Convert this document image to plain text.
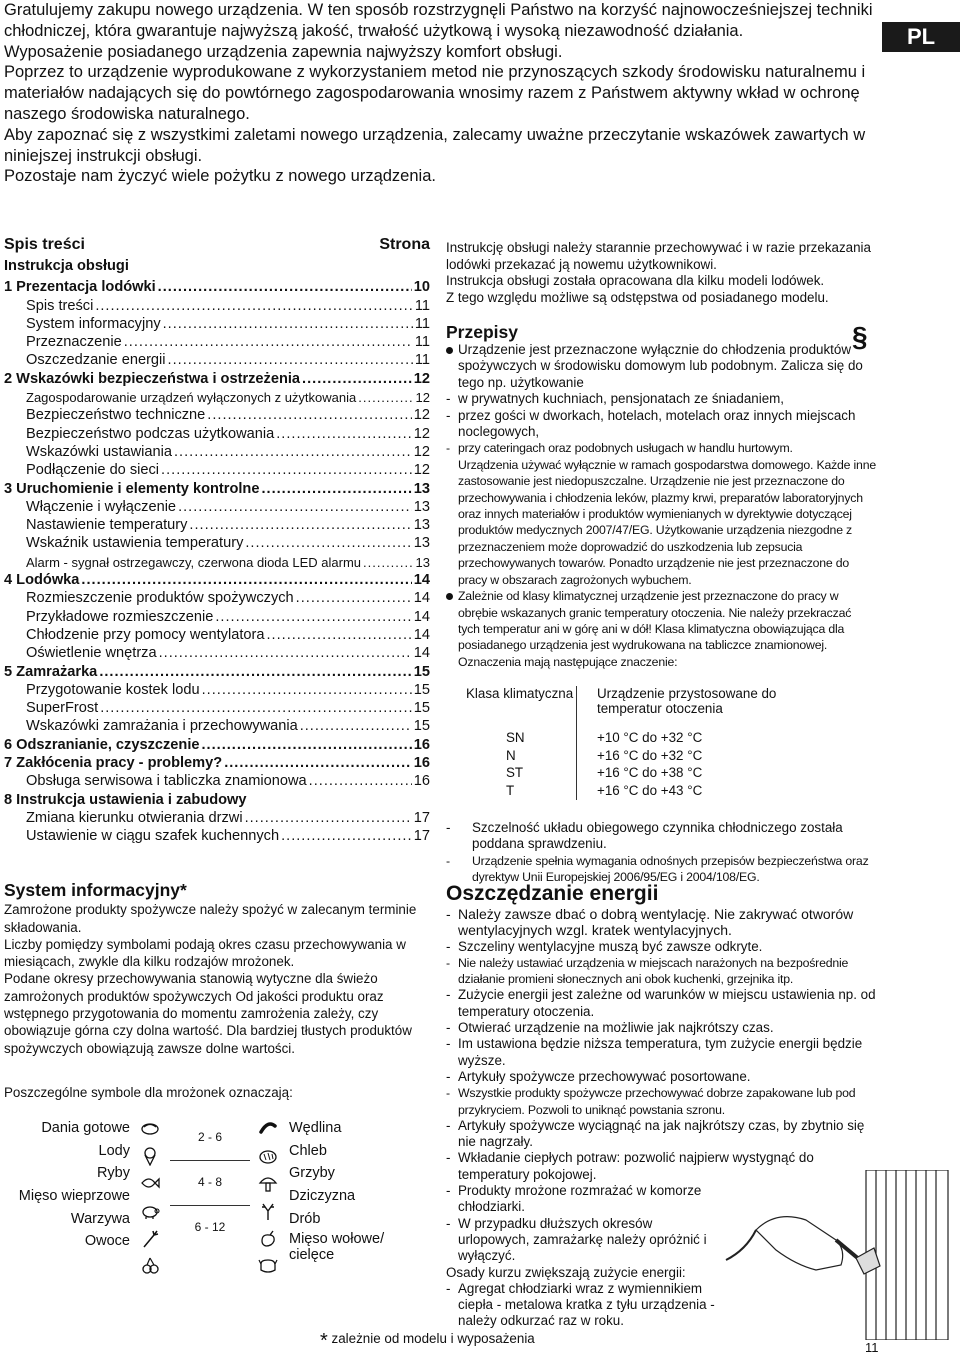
Gratulujemy zakupu nowego urządzenia. W ten sposób rozstrzygnęli Państwo na korzyść najnowocześniejszej techniki chłodniczej, która gwarantuje najwyższą jakość, trwałość użytkową i wysoką niezawodność działania.

Wyposażenie posiadanego urządzenia zapewnia najwyższy komfort obsługi.

Poprzez to urządzenie wyprodukowane z wykorzystaniem metod nie przynoszących szkody środowisku naturalnemu i materiałów nadających się do powtórnego zagospodarowania wnosimy razem z Państwem aktywny wkład w ochronę naszego środowiska naturalnego.

Aby zapoznać się z wszystkimi zaletami nowego urządzenia, zalecamy uważne przeczytanie wskazówek zawartych w niniejszej instrukcji obsługi.

Pozostaje nam życzyć wiele pożytku z nowego urządzenia.

PL
Spis treści	Strona
Instrukcja obsługi
1 Prezentacja lodówki .....	10
Spis treści .....	11
System informacyjny .....	11
Przeznaczenie .....	11
Oszczedzanie energii .....	11
2 Wskazówki bezpieczeństwa i ostrzeżenia .....	12
Zagospodarowanie urządzeń wyłączonych z użytkowania .....	12
Bezpieczeństwo techniczne .....	12
Bezpieczeństwo podczas użytkowania .....	12
Wskazówki ustawiania .....	12
Podłączenie do sieci .....	12
3 Uruchomienie i elementy kontrolne .....	13
Włączenie i wyłączenie .....	13
Nastawienie temperatury .....	13
Wskaźnik ustawienia temperatury .....	13
Alarm - sygnał ostrzegawczy, czerwona dioda LED alarmu .....	13
4 Lodówka .....	14
Rozmieszczenie produktów spożywczych .....	14
Przykładowe rozmieszczenie .....	14
Chłodzenie przy pomocy wentylatora .....	14
Oświetlenie wnętrza .....	14
5 Zamrażarka .....	15
Przygotowanie kostek lodu .....	15
SuperFrost .....	15
Wskazówki zamrażania i przechowywania .....	15
6 Odszranianie, czyszczenie .....	16
7 Zakłócenia pracy - problemy? .....	16
Obsługa serwisowa i tabliczka znamionowa .....	16
8 Instrukcja ustawienia i zabudowy
Zmiana kierunku otwierania drzwi .....	17
Ustawienie w ciągu szafek kuchennych .....	17
System informacyjny*

Zamrożone produkty spożywcze należy spożyć w zalecanym terminie składowania.

Liczby pomiędzy symbolami podają okres czasu przechowywania w miesiącach, zwykle dla kilku rodzajów mrożonek.

Podane okresy przechowywania stanowią wytyczne dla świeżo zamrożonych produktów spożywczych Od jakości produktu oraz wstępnego przygotowania do momentu zamrożenia zależy, czy obowiązuje górna czy dolna wartość. Dla bardziej tłustych produktów spożywczych obowiązują zawsze dolne wartości.

Poszczególne symbole dla mrożonek oznaczają:
Dania gotowe
Lody
Ryby
Mięso wieprzowe
Warzywa
Owoce

2 - 6
4 - 8
6 - 12

Wędlina
Chleb
Grzyby
Dziczyzna
Drób
Mięso wołowe/ cielęce

Instrukcję obsługi należy starannie przechowywać i w razie przekazania lodówki przekazać ją nowemu użytkownikowi.

Instrukcja obsługi została opracowana dla kilku modeli lodówek.

Z tego względu możliwe są odstępstwa od posiadanego modelu.

Przepisy	§
Urządzenie jest przeznaczone wyłącznie do chłodzenia produktów spożywczych w środowisku domowym lub podobnym. Zalicza się do tego np. użytkowanie
- w prywatnych kuchniach, pensjonatach ze śniadaniem,
- przez gości w dworkach, hotelach, motelach oraz innych miejscach noclegowych,
- przy cateringach oraz podobnych usługach w handlu hurtowym.
Urządzenia używać wyłącznie w ramach gospodarstwa domowego. Każde inne zastosowanie jest niedopuszczalne. Urządzenie nie jest przeznaczone do przechowywania i chłodzenia leków, plazmy krwi, preparatów laboratoryjnych oraz innych materiałów i produktów wymienianych w dyrektywie dotyczącej produktów medycznych 2007/47/EG. Użytkowanie urządzenia niezgodne z przeznaczeniem może doprowadzić do uszkodzenia lub zepsucia przechowywanych towarów. Ponadto urządzenie nie jest przeznaczone do pracy w obszarach zagrożonych wybuchem.
Zależnie od klasy klimatycznej urządzenie jest przeznaczone do pracy w obrębie wskazanych granic temperatury otoczenia. Nie należy przekraczać tych temperatur ani w górę ani w dół! Klasa klimatyczna obowiązująca dla posiadanego urządzenia jest wydrukowana na tabliczce znamionowej. Oznaczenia mają następujące znaczenie:
Klasa klimatyczna	Urządzenie przystosowane do temperatur otoczenia
SN	+10 °C do +32 °C
N	+16 °C do +32 °C
ST	+16 °C do +38 °C
T	+16 °C do +43 °C
- Szczelność układu obiegowego czynnika chłodniczego została poddana sprawdzeniu.
- Urządzenie spełnia wymagania odnośnych przepisów bezpieczeństwa oraz dyrektyw Unii Europejskiej 2006/95/EG i 2004/108/EG.
Oszczędzanie energii
- Należy zawsze dbać o dobrą wentylację. Nie zakrywać otworów wentylacyjnych wzgl. kratek wentylacyjnych.
- Szczeliny wentylacyjne muszą być zawsze odkryte.
- Nie należy ustawiać urządzenia w miejscach narażonych na bezpośrednie działanie promieni słonecznych ani obok kuchenki, grzejnika itp.
- Zużycie energii jest zależne od warunków w miejscu ustawienia np. od temperatury otoczenia.
- Otwierać urządzenie na możliwie jak najkrótszy czas.
- Im ustawiona będzie niższa temperatura, tym zużycie energii będzie wyższe.
- Artykuły spożywcze przechowywać posortowane.
- Wszystkie produkty spożywcze przechowywać dobrze zapakowane lub pod przykryciem. Pozwoli to uniknąć powstania szronu.
- Artykuły spożywcze wyciągnąć na jak najkrótszy czas, by zbytnio się nie nagrzały.
- Wkładanie ciepłych potraw: pozwolić najpierw wystygnąć do temperatury pokojowej.
- Produkty mrożone rozmrażać w komorze chłodziarki.
- W przypadku dłuższych okresów urlopowych, zamrażarkę należy opróżnić i wyłączyć.
Osady kurzu zwiększają zużycie energii:
- Agregat chłodziarki wraz z wymiennikiem ciepła - metalowa kratka z tyłu urządzenia - należy odkurzać raz w roku.
* zależnie od modelu i wyposażenia
11
